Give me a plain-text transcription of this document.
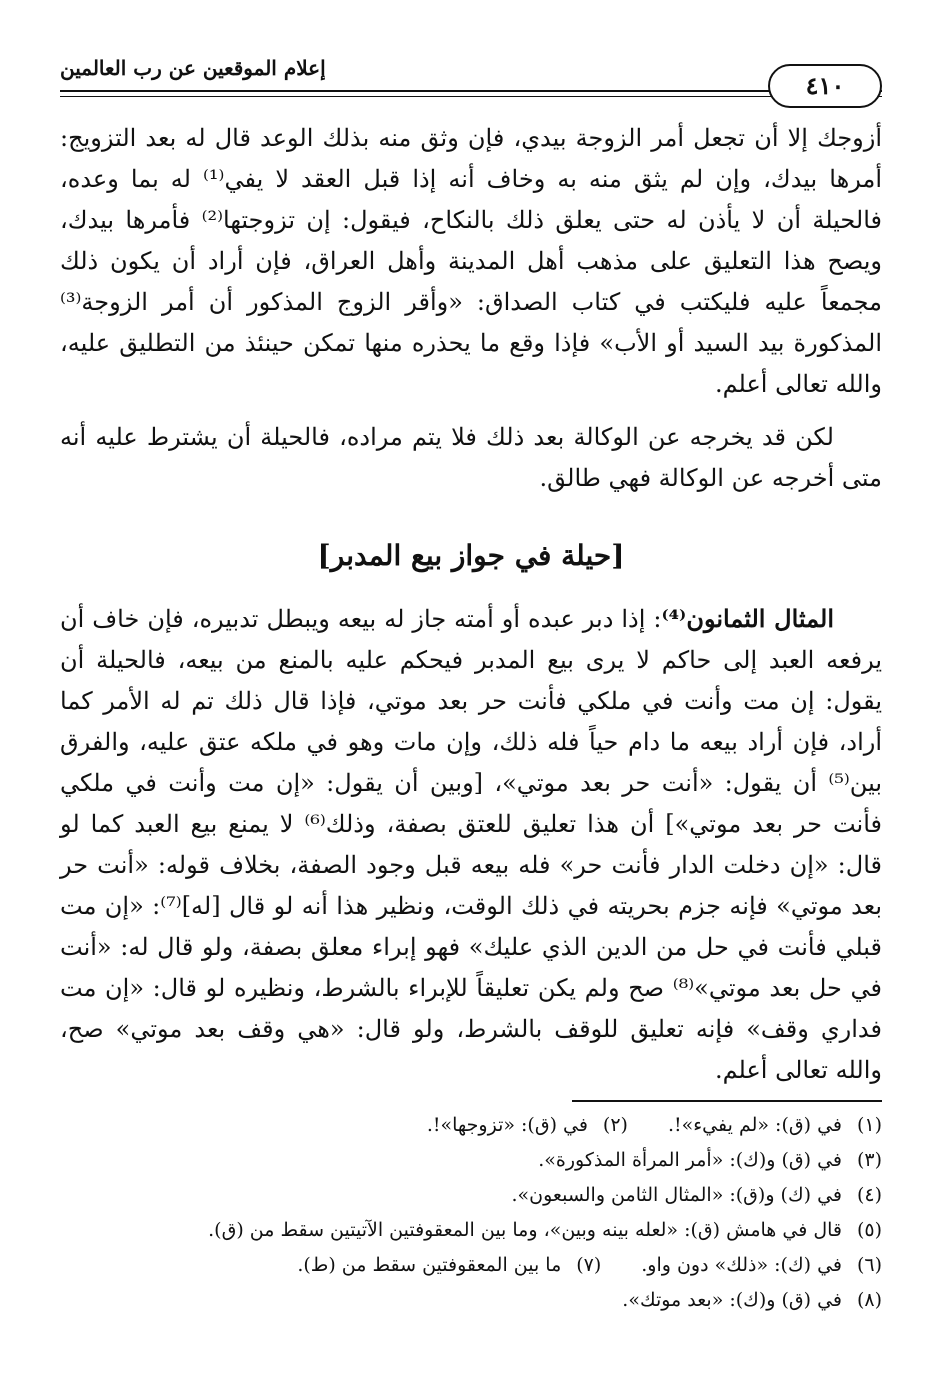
إعلام الموقعين عن رب العالمين
٤١٠

أزوجك إلا أن تجعل أمر الزوجة بيدي، فإن وثق منه بذلك الوعد قال له بعد التزويج: أمرها بيدك، وإن لم يثق منه به وخاف أنه إذا قبل العقد لا يفي⁽¹⁾ له بما وعده، فالحيلة أن لا يأذن له حتى يعلق ذلك بالنكاح، فيقول: إن تزوجتها⁽²⁾ فأمرها بيدك، ويصح هذا التعليق على مذهب أهل المدينة وأهل العراق، فإن أراد أن يكون ذلك مجمعاً عليه فليكتب في كتاب الصداق: «وأقر الزوج المذكور أن أمر الزوجة⁽³⁾ المذكورة بيد السيد أو الأب» فإذا وقع ما يحذره منها تمكن حينئذ من التطليق عليه، والله تعالى أعلم.

لكن قد يخرجه عن الوكالة بعد ذلك فلا يتم مراده، فالحيلة أن يشترط عليه أنه متى أخرجه عن الوكالة فهي طالق.

[حيلة في جواز بيع المدبر]

المثال الثمانون⁽⁴⁾: إذا دبر عبده أو أمته جاز له بيعه ويبطل تدبيره، فإن خاف أن يرفعه العبد إلى حاكم لا يرى بيع المدبر فيحكم عليه بالمنع من بيعه، فالحيلة أن يقول: إن مت وأنت في ملكي فأنت حر بعد موتي، فإذا قال ذلك تم له الأمر كما أراد، فإن أراد بيعه ما دام حياً فله ذلك، وإن مات وهو في ملكه عتق عليه، والفرق بين⁽⁵⁾ أن يقول: «أنت حر بعد موتي»، [وبين أن يقول: «إن مت وأنت في ملكي فأنت حر بعد موتي»] أن هذا تعليق للعتق بصفة، وذلك⁽⁶⁾ لا يمنع بيع العبد كما لو قال: «إن دخلت الدار فأنت حر» فله بيعه قبل وجود الصفة، بخلاف قوله: «أنت حر بعد موتي» فإنه جزم بحريته في ذلك الوقت، ونظير هذا أنه لو قال [له]⁽⁷⁾: «إن مت قبلي فأنت في حل من الدين الذي عليك» فهو إبراء معلق بصفة، ولو قال له: «أنت في حل بعد موتي»⁽⁸⁾ صح ولم يكن تعليقاً للإبراء بالشرط، ونظيره لو قال: «إن مت فداري وقف» فإنه تعليق للوقف بالشرط، ولو قال: «هي وقف بعد موتي» صح، والله تعالى أعلم.

(١)في (ق): «لم يفيء»!.
(٢)في (ق): «تزوجها»!.
(٣)في (ق) و(ك): «أمر المرأة المذكورة».
(٤)في (ك) و(ق): «المثال الثامن والسبعون».
(٥)قال في هامش (ق): «لعله بينه وبين»، وما بين المعقوفتين الآتيتين سقط من (ق).
(٦)في (ك): «ذلك» دون واو.
(٧)ما بين المعقوفتين سقط من (ط).
(٨)في (ق) و(ك): «بعد موتك».
